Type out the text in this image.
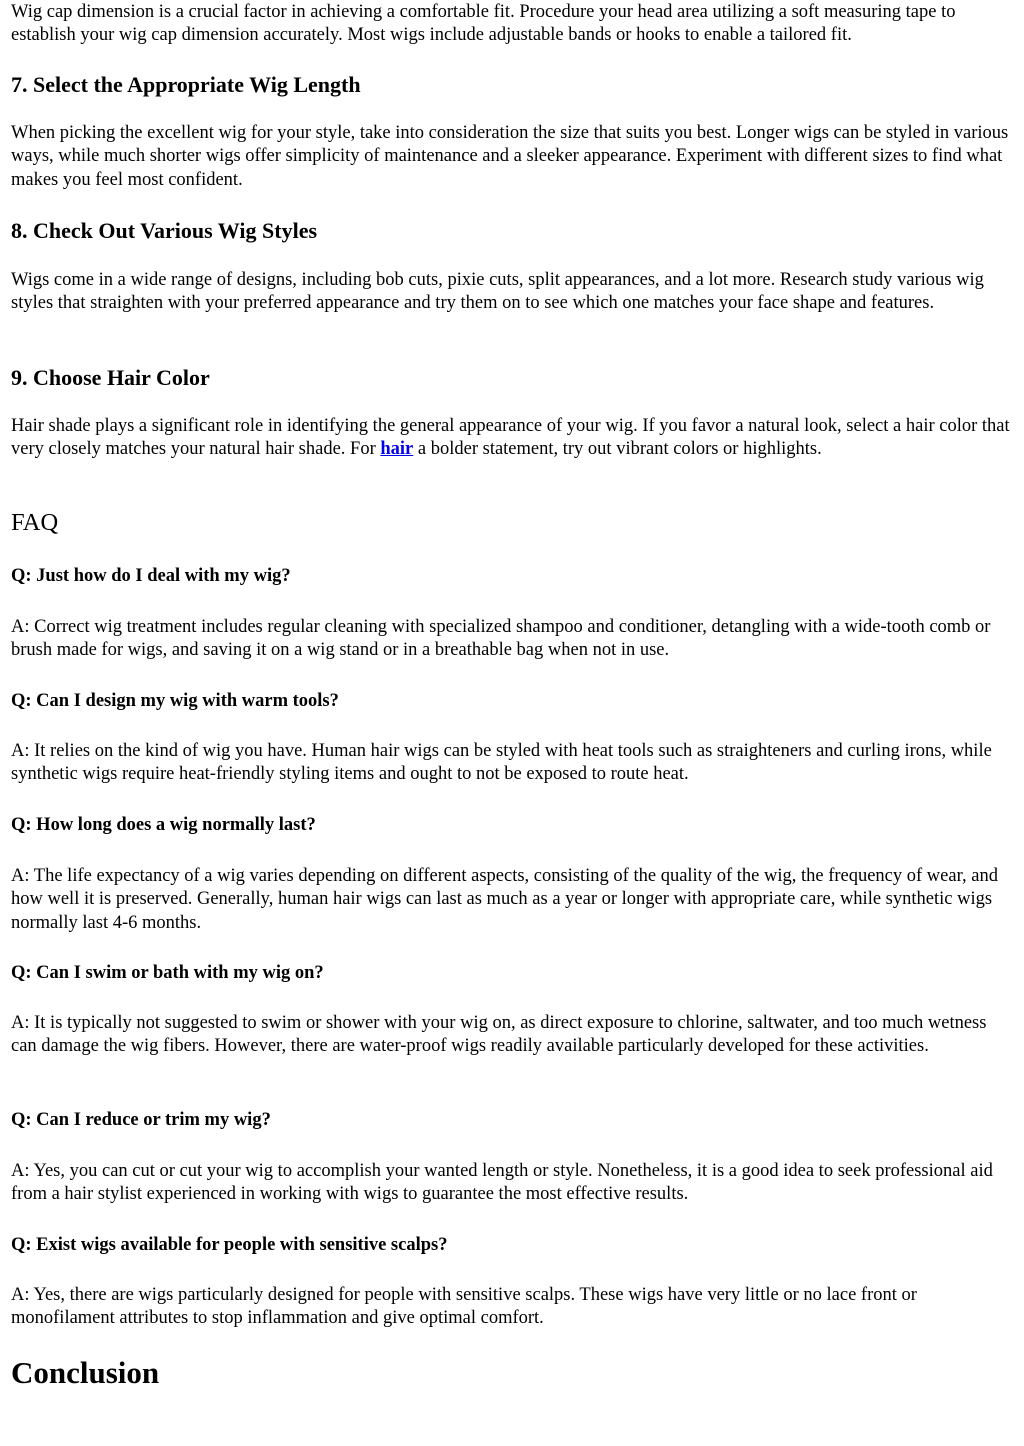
Wig cap dimension is a crucial factor in achieving a comfortable fit. Procedure your head area utilizing a soft measuring tape to establish your wig cap dimension accurately. Most wigs include adjustable bands or hooks to enable a tailored fit.

7. Select the Appropriate Wig Length

When picking the excellent wig for your style, take into consideration the size that suits you best. Longer wigs can be styled in various ways, while much shorter wigs offer simplicity of maintenance and a sleeker appearance. Experiment with different sizes to find what makes you feel most confident.

8. Check Out Various Wig Styles

Wigs come in a wide range of designs, including bob cuts, pixie cuts, split appearances, and a lot more. Research study various wig styles that straighten with your preferred appearance and try them on to see which one matches your face shape and features.

9. Choose Hair Color

Hair shade plays a significant role in identifying the general appearance of your wig. If you favor a natural look, select a hair color that very closely matches your natural hair shade. For hair a bolder statement, try out vibrant colors or highlights.

FAQ
Q: Just how do I deal with my wig?

A: Correct wig treatment includes regular cleaning with specialized shampoo and conditioner, detangling with a wide-tooth comb or brush made for wigs, and saving it on a wig stand or in a breathable bag when not in use.

Q: Can I design my wig with warm tools?

A: It relies on the kind of wig you have. Human hair wigs can be styled with heat tools such as straighteners and curling irons, while synthetic wigs require heat-friendly styling items and ought to not be exposed to route heat.

Q: How long does a wig normally last?

A: The life expectancy of a wig varies depending on different aspects, consisting of the quality of the wig, the frequency of wear, and how well it is preserved. Generally, human hair wigs can last as much as a year or longer with appropriate care, while synthetic wigs normally last 4-6 months.

Q: Can I swim or bath with my wig on?

A: It is typically not suggested to swim or shower with your wig on, as direct exposure to chlorine, saltwater, and too much wetness can damage the wig fibers. However, there are water-proof wigs readily available particularly developed for these activities.

Q: Can I reduce or trim my wig?

A: Yes, you can cut or cut your wig to accomplish your wanted length or style. Nonetheless, it is a good idea to seek professional aid from a hair stylist experienced in working with wigs to guarantee the most effective results.

Q: Exist wigs available for people with sensitive scalps?

A: Yes, there are wigs particularly designed for people with sensitive scalps. These wigs have very little or no lace front or monofilament attributes to stop inflammation and give optimal comfort.

Conclusion
